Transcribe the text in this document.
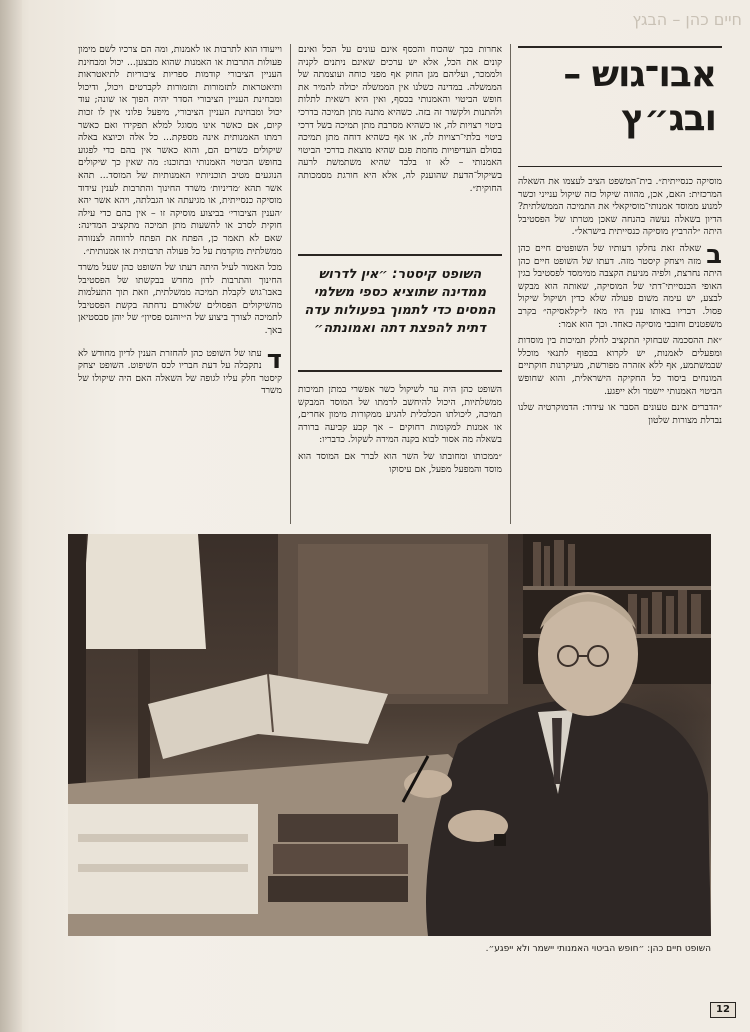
חיים כהן – הבגץ
אבו־גוש –
ובג״ץ

מוסיקה כנסייתית״. בית־המשפט הציב לעצמו את השאלה המרכזית: האם, אכן, מהווה שיקול כזה שיקול ענייני וכשר למנוע ממוסד אמנותי־מוסיקאלי את התמיכה הממשלתית? הדיון בשאלה נעשה בהנחה שאכן מטרתו של הפסטיבל היתה ״להרביץ מוסיקה כנסייתית בישראל״.

ב
שאלה זאת נחלקו דעותיו של השופטים חיים כהן מזה ויצחק קיסטר מזה. דעתו של השופט חיים כהן היתה נחרצת, ולפיה מניעת הקצבה ממימסד לפסטיבל בגין האופי הכנסייתי־דתי של המוסיקה, שאותה הוא מבקש לבצע, יש עימה משום פעולה שלא כדין ושיקול שיקול פסול. דבריו באותו ענין היו מאז ל״קלאסיקה״ בקרב משפטנים וחובבי מוסיקה כאחד. וכך הוא אמר:

״את ההסכמה שבחוקי התקציב לחלק תמיכות בין מוסדות ומפעלים לאמנות, יש לקרוא בכפוף לתנאי מוכלל שבמשתמע, אף ללא אזהרה מפורשת, מעיקרנות חוקתיים המונחים ביסוד כל החקיקה הישראלית, והוא שחופש הביטוי האמנותי יישמר ולא ייפגע.

״הדברים אינם טעונים הסבר או עידוד: הדמוקרטיה שלנו נבדלת מצורות שלטון

אחרות בכך שהכוח והכסף אינם עונים על הכל ואינם קונים את הכל, אלא יש ערכים שאינם ניתנים לקניה ולממכר, ועליהם מגן החוק אף מפני כוחה ועוצמתה של הממשלה. במדינה כשלנו אין הממשלה יכולה להמיר את חופש הביטוי והאמנותי בכסף, ואין היא רשאית לתלות ולהתנות ולקשור זה בזה. כשהיא מתנה מתן תמיכה בדרכי ביטוי רצויות לה, או כשהיא מסרבת מתן תמיכה בשל דרכי ביטוי בלתי־רצויות לה, או אף כשהיא דוחה מתן תמיכה בסולם העדיפויות מחמת פגם שהיא מוצאת בדרכי הביטוי האמנותי – לא זו בלבד שהיא משתמשת לרעה בשיקול־הדעת שהוענק לה, אלא היא חורגת מסמכותה החוקית״.

השופט קיסטר: ״אין לדרוש ממדינה שתוציא כספי משלמי המסים כדי לתמוך בפעולות עדה דתית להפצת דתה ואמונתה״

השופט כהן היה ער לשיקול כשר אפשרי במתן תמיכות ממשלתיות, היכול להיחשב לרמתו של המוסד המבקש תמיכה, ליכולתו הכלכלית להגיע ממקורות מימון אחרים, או אמנות למקומות רחוקים – אך קבע קביעה ברורה בשאלה מה אסור לבוא בקנה המידה לשקול. כדבריו:

״ממכותו ומחובתו של השר הוא לברר אם המוסד הוא מוסד והמפעל מפעל, אם עיסוקו

וייעודו הוא לתרבות או לאמנות, ומה הם צרכיו לשם מימון פעולות התרבות או האמנות שהוא מבצען... יכול ומבחינת העניין הציבורי קודמות ספריות ציבוריות לתיאטראות ותיאטראות לתזמורות ותזמורות לקברטים ויכול, ודיכול ומבחינת העניין הציבורי הסדר יהיה הפוך או שונה; עוד יכול ומבחינת העניין הציבורי, מיפעל פלוני אין לו זכות קיום, אם כאשר אינו מסוגל למלא תפקידו ואם כאשר רמתו האמנותית אינה מספקת... כל אלה וכיוצא באלה שיקולים כשרים הם, והוא כאשר אין בהם כדי לפגוע בחופש הביטוי האמנותי ובתוכנו: מה שאין כך שיקולים הנוגעים מטיב תוכניותיו האמנותיות של המוסד... תהא אשר תהא ׳מדיניות׳ משרד החינוך והתרבות לענין עידוד מוסיקה כנסייתית, או מגיעתה או הגבלתה, ויהא אשר יהא ׳הענין הציבורי׳ בביצוע מוסיקה זו – אין בהם כדי עילה חוקית לסרב או להשעות מתן תמיכה מתקציב המדינה: שאם לא תאמר כן, הפתח את הפתח לרווחה לצנזורה ממשלתית מוקדמת על כל פעולה תרבותית או אמנותית״.

מכל האמור לעיל היתה דעתו של השופט כהן שעל משרד החינוך והתרבות לדון מחדש בבקשתו של הפסטיבל באבו־גוש לקבלת תמיכה ממשלתית, וזאת תוך התעלמות מהשיקולים הפסולים שלאורם נדחתה בקשת הפסטיבל לתמיכה לצורך ביצוע של ה״יוהנס פסיון״ של יוהן סבסטיאן באך.

ד
עתו של השופט כהן להחזרת הענין לדיון מחודש לא נתקבלה על דעת חבריו לכס השיפוט. השופט יצחק קיסטר חלק עליו לגופה של השאלה האם היה שיקולו של משרד

השופט חיים כהן: ״חופש הביטוי האמנותי יישמר ולא ייפגע״.
12
